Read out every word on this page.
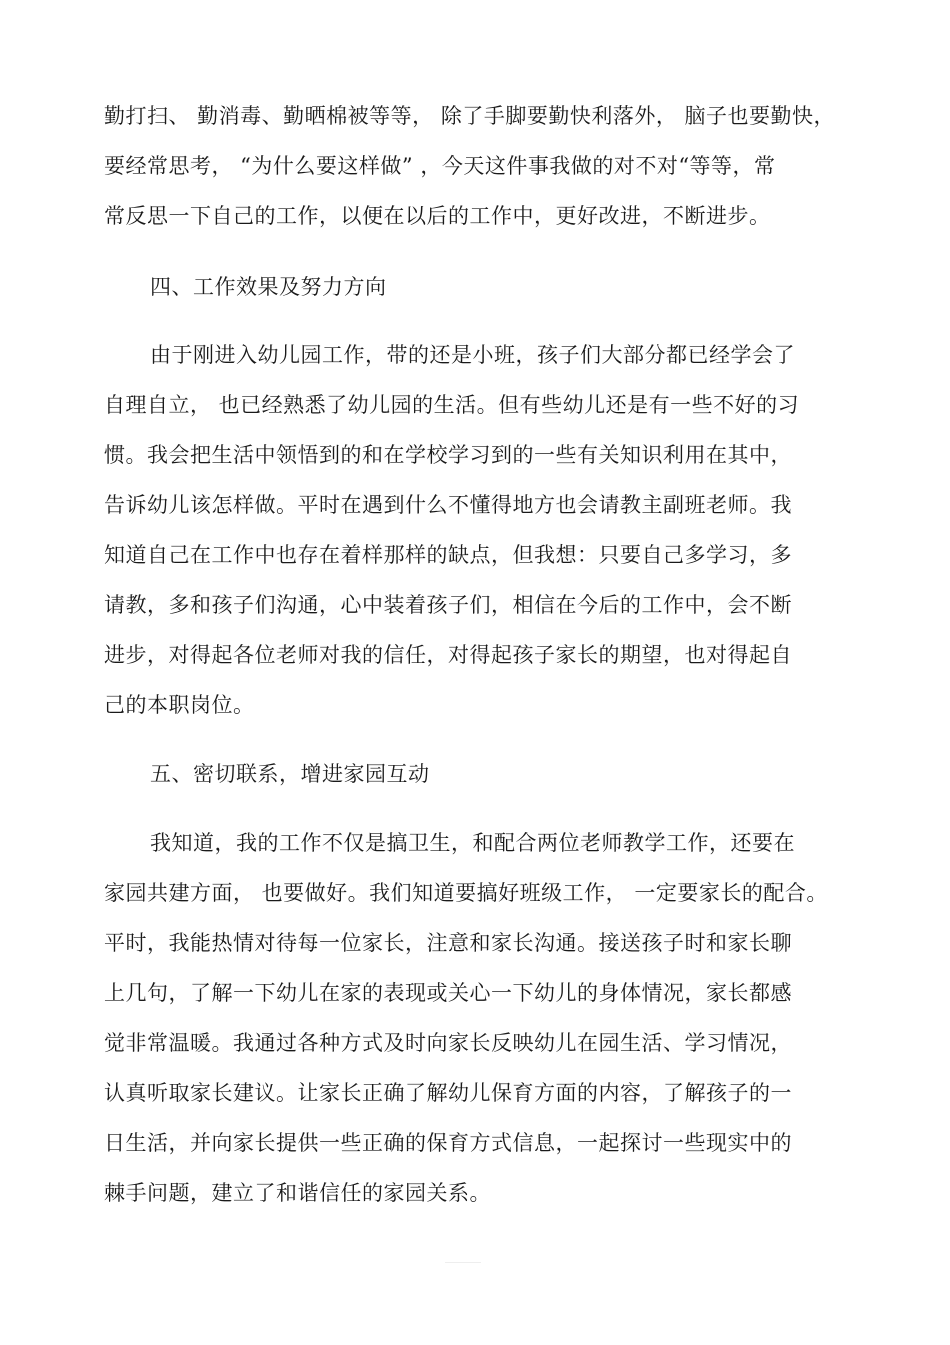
勤打扫、 勤消毒、勤晒棉被等等， 除了手脚要勤快利落外， 脑子也要勤快，
要经常思考， “为什么要这样做” ，今天这件事我做的对不对“等等，常
常反思一下自己的工作，以便在以后的工作中，更好改进，不断进步。
四、工作效果及努力方向
由于刚进入幼儿园工作，带的还是小班，孩子们大部分都已经学会了
自理自立， 也已经熟悉了幼儿园的生活。但有些幼儿还是有一些不好的习
惯。我会把生活中领悟到的和在学校学习到的一些有关知识利用在其中，
告诉幼儿该怎样做。平时在遇到什么不懂得地方也会请教主副班老师。我
知道自己在工作中也存在着样那样的缺点，但我想：只要自己多学习，多
请教，多和孩子们沟通，心中装着孩子们，相信在今后的工作中，会不断
进步，对得起各位老师对我的信任，对得起孩子家长的期望，也对得起自
己的本职岗位。
五、密切联系，增进家园互动
我知道，我的工作不仅是搞卫生，和配合两位老师教学工作，还要在
家园共建方面， 也要做好。我们知道要搞好班级工作， 一定要家长的配合。
平时，我能热情对待每一位家长，注意和家长沟通。接送孩子时和家长聊
上几句，了解一下幼儿在家的表现或关心一下幼儿的身体情况，家长都感
觉非常温暖。我通过各种方式及时向家长反映幼儿在园生活、学习情况，
认真听取家长建议。让家长正确了解幼儿保育方面的内容，了解孩子的一
日生活，并向家长提供一些正确的保育方式信息，一起探讨一些现实中的
棘手问题，建立了和谐信任的家园关系。
